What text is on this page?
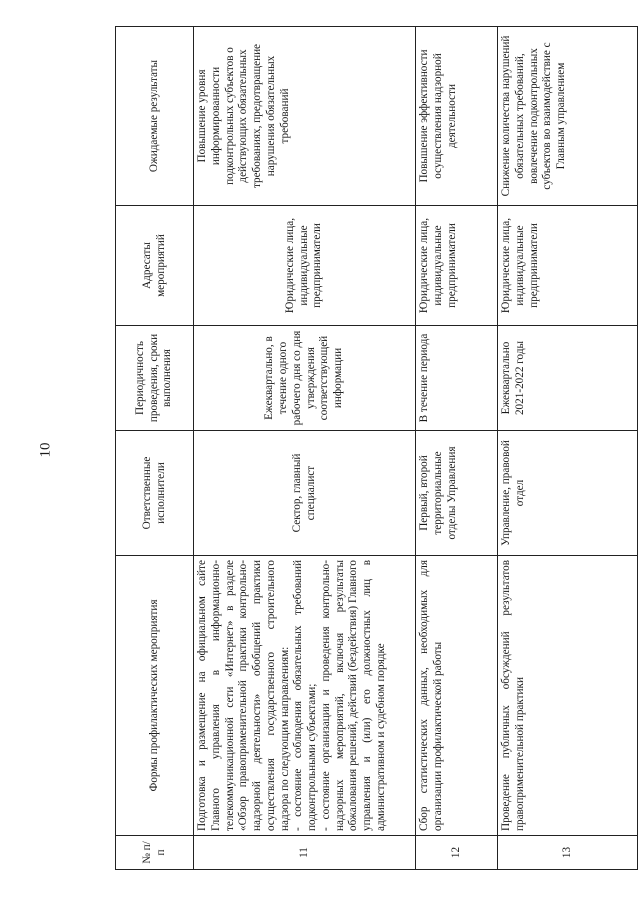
10
№ п/п	Формы профилактических мероприятия	Ответственные исполнители	Периодичность проведения, сроки выполнения	Адресаты мероприятий	Ожидаемые результаты
11	Подготовка и размещение на официальном сайте Главного управления в информационно-телекоммуникационной сети «Интернет» в разделе «Обзор правоприменительной практики контрольно-надзорной деятельности» обобщений практики осуществления государственного строительного надзора по следующим направлениям: - состояние соблюдения обязательных требований подконтрольными субъектами; - состояние организации и проведения контрольно-надзорных мероприятий, включая результаты обжалования решений, действий (бездействия) Главного управления и (или) его должностных лиц в административном и судебном порядке	Сектор, главный специалист	Ежеквартально, в течение одного рабочего дня со дня утверждения соответствующей информации	Юридические лица, индивидуальные предприниматели	Повышение уровня информированности подконтрольных субъектов о действующих обязательных требованиях, предотвращение нарушения обязательных требований
12	Сбор статистических данных, необходимых для организации профилактической работы	Первый, второй территориальные отделы Управления	В течение периода	Юридические лица, индивидуальные предприниматели	Повышение эффективности осуществления надзорной деятельности
13	Проведение публичных обсуждений результатов правоприменительной практики	Управление, правовой отдел	Ежеквартально 2021-2022 годы	Юридические лица, индивидуальные предприниматели	Снижение количества нарушений обязательных требований, вовлечение подконтрольных субъектов во взаимодействие с Главным управлением
